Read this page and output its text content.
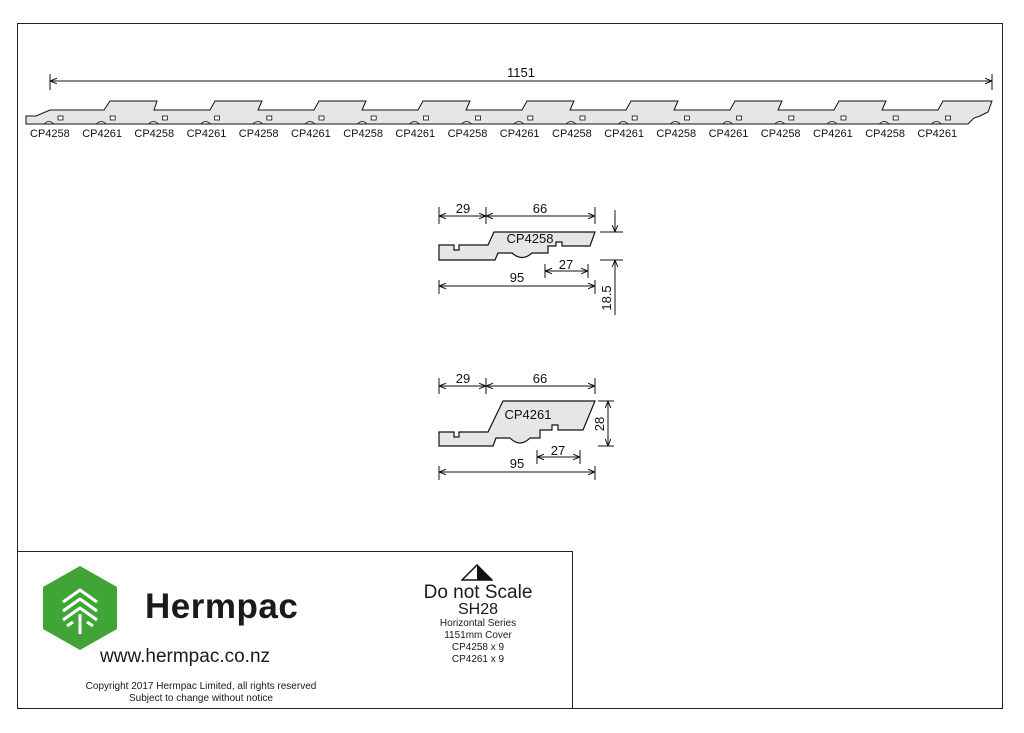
1151
CP4258 CP4261 CP4258 CP4261 CP4258 CP4261 CP4258 CP4261 CP4258 CP4261 CP4258 CP4261 CP4258 CP4261 CP4258 CP4261 CP4258 CP4261
CP4258
29	66
27
95
18.5
CP4261
29	66
27
95
28
Hermpac
www.hermpac.co.nz
Copyright 2017 Hermpac Limited, all rights reserved
Subject to change without notice
Do not Scale
SH28
Horizontal Series
1151mm Cover
CP4258 x 9
CP4261 x 9
